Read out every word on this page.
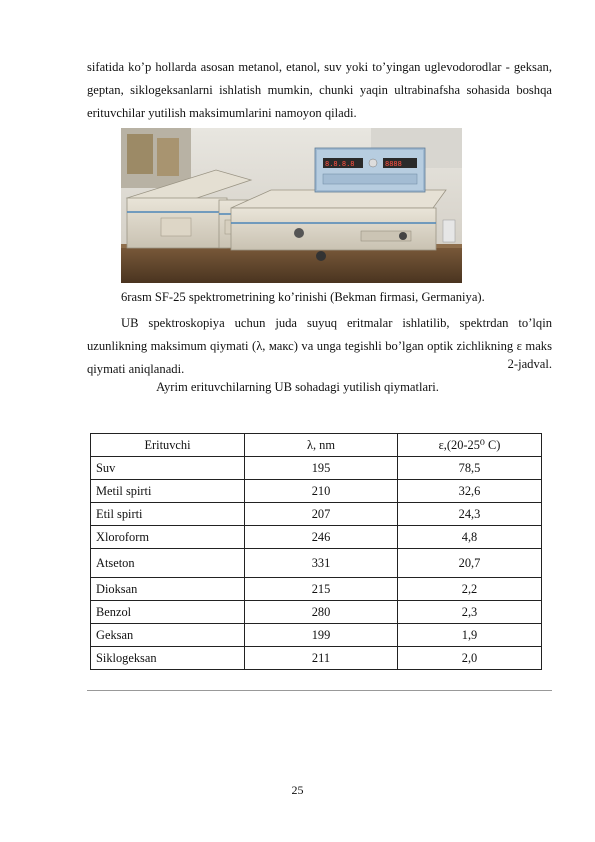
sifatida ko’p hollarda asosan metanol, etanol, suv yoki to’yingan uglevodorodlar - geksan, geptan, siklogeksanlarni ishlatish mumkin, chunki yaqin ultrabinafsha sohasida boshqa erituvchilar yutilish maksimumlarini namoyon qiladi.
8.8.8.8	8888
6rasm SF-25 spektrometrining ko’rinishi (Bekman firmasi, Germaniya).
UB spektroskopiya uchun juda suyuq eritmalar ishlatilib, spektrdan to’lqin uzunlikning maksimum qiymati (λ, макс) va unga tegishli bo’lgan optik zichlikning ε maks qiymati aniqlanadi.	2-jadval.
Ayrim erituvchilarning UB sohadagi yutilish qiymatlari.
Erituvchi	λ, nm	ε,(20-25⁰ C)
Suv	195	78,5
Metil spirti	210	32,6
Etil spirti	207	24,3
Xloroform	246	4,8
Atseton	331	20,7
Dioksan	215	2,2
Benzol	280	2,3
Geksan	199	1,9
Siklogeksan	211	2,0
25
